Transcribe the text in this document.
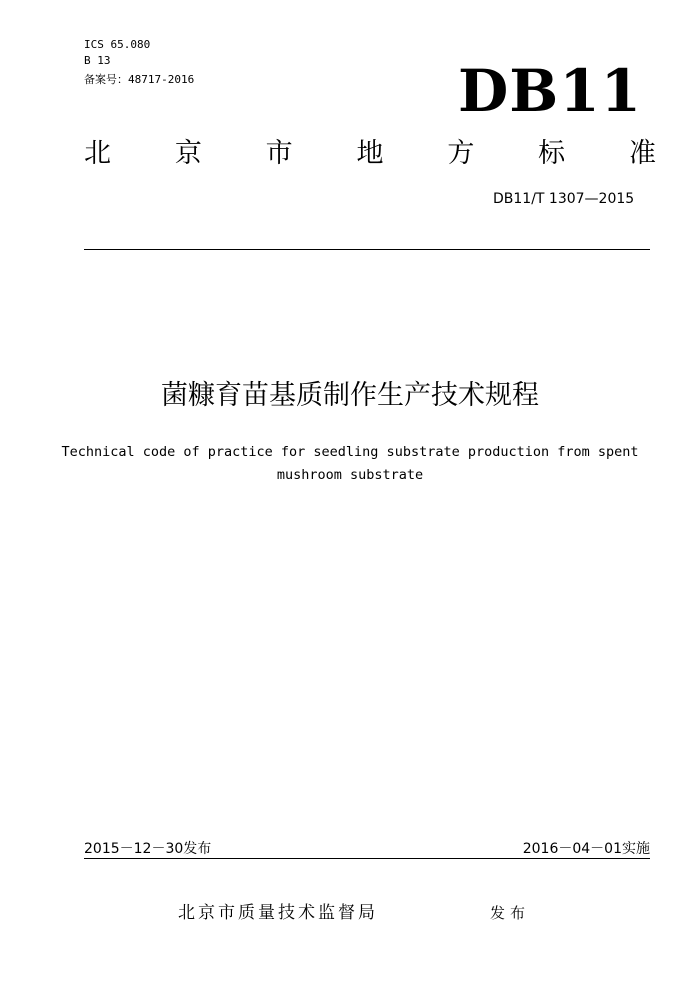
ICS 65.080
B 13
备案号：48717-2016	DB11
北 京 市 地 方 标 准
DB11/T 1307—2015
菌糠育苗基质制作生产技术规程
Technical code of practice for seedling substrate production from spent mushroom substrate
2015－12－30发布	2016－04－01实施
北京市质量技术监督局	发布
